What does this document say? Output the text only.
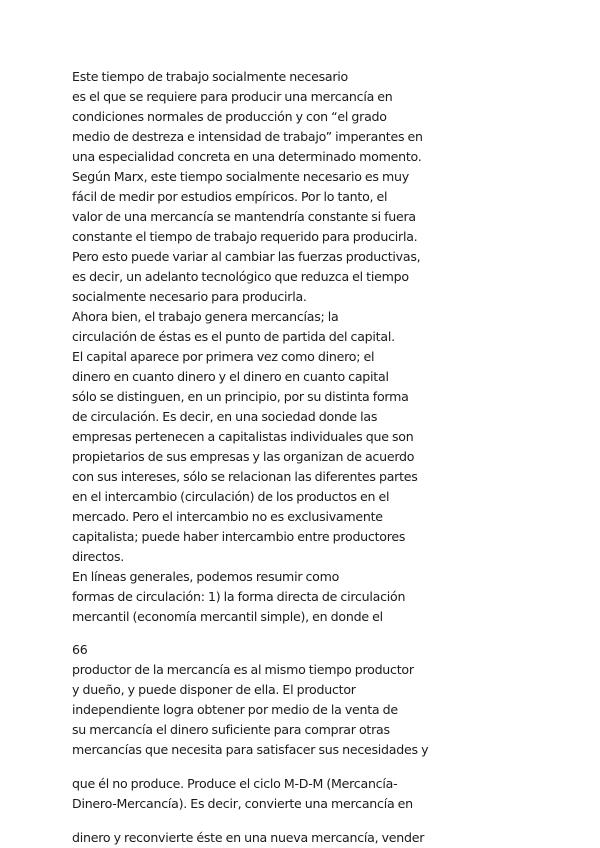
Este tiempo de trabajo socialmente necesario

es el que se requiere para producir una mercancía en

condiciones normales de producción y con “el grado

medio de destreza e intensidad de trabajo” imperantes en

una especialidad concreta en una determinado momento.

Según Marx, este tiempo socialmente necesario es muy

fácil de medir por estudios empíricos. Por lo tanto, el

valor de una mercancía se mantendría constante si fuera

constante el tiempo de trabajo requerido para producirla.

Pero esto puede variar al cambiar las fuerzas productivas,

es decir, un adelanto tecnológico que reduzca el tiempo

socialmente necesario para producirla.

Ahora bien, el trabajo genera mercancías; la

circulación de éstas es el punto de partida del capital.

El capital aparece por primera vez como dinero; el

dinero en cuanto dinero y el dinero en cuanto capital

sólo se distinguen, en un principio, por su distinta forma

de circulación. Es decir, en una sociedad donde las

empresas pertenecen a capitalistas individuales que son

propietarios de sus empresas y las organizan de acuerdo

con sus intereses, sólo se relacionan las diferentes partes

en el intercambio (circulación) de los productos en el

mercado. Pero el intercambio no es exclusivamente

capitalista; puede haber intercambio entre productores

directos.

En líneas generales, podemos resumir como

formas de circulación: 1) la forma directa de circulación

mercantil (economía mercantil simple), en donde el

66

productor de la mercancía es al mismo tiempo productor

y dueño, y puede disponer de ella. El productor

independiente logra obtener por medio de la venta de

su mercancía el dinero suficiente para comprar otras

mercancías que necesita para satisfacer sus necesidades y

que él no produce. Produce el ciclo M-D-M (Mercancía-

Dinero-Mercancía). Es decir, convierte una mercancía en

dinero y reconvierte éste en una nueva mercancía, vender
